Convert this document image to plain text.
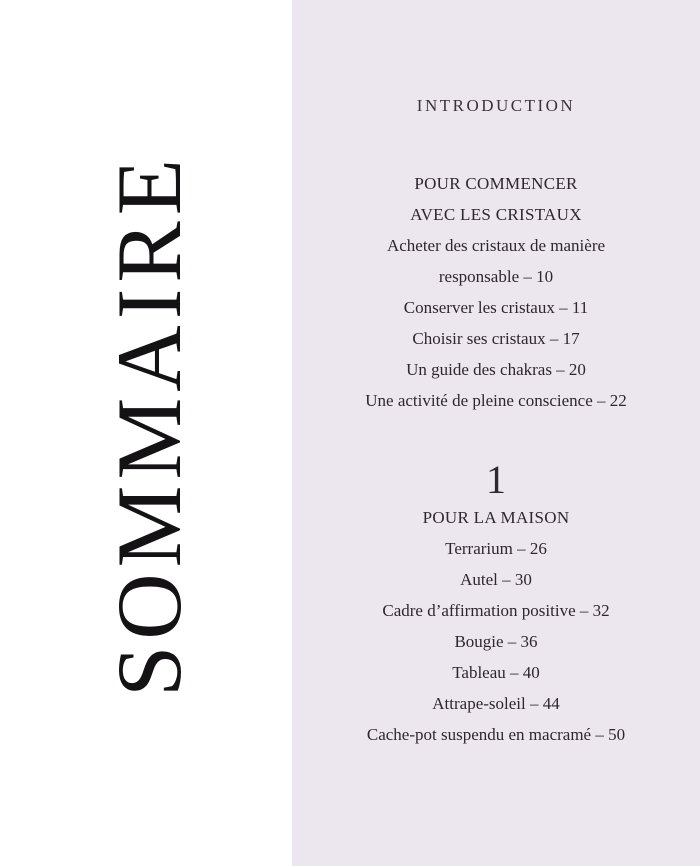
SOMMAIRE
INTRODUCTION
POUR COMMENCER
AVEC LES CRISTAUX
Acheter des cristaux de manière
responsable – 10
Conserver les cristaux – 11
Choisir ses cristaux – 17
Un guide des chakras – 20
Une activité de pleine conscience – 22
1
POUR LA MAISON
Terrarium – 26
Autel – 30
Cadre d’affirmation positive – 32
Bougie – 36
Tableau – 40
Attrape-soleil – 44
Cache-pot suspendu en macramé – 50
